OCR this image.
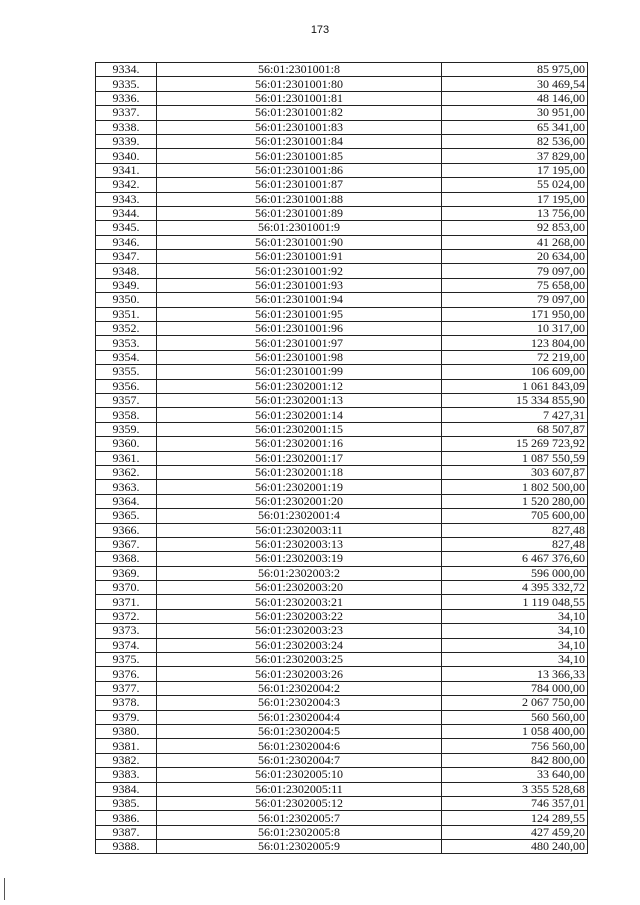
173
9334.	56:01:2301001:8	85 975,00
9335.	56:01:2301001:80	30 469,54
9336.	56:01:2301001:81	48 146,00
9337.	56:01:2301001:82	30 951,00
9338.	56:01:2301001:83	65 341,00
9339.	56:01:2301001:84	82 536,00
9340.	56:01:2301001:85	37 829,00
9341.	56:01:2301001:86	17 195,00
9342.	56:01:2301001:87	55 024,00
9343.	56:01:2301001:88	17 195,00
9344.	56:01:2301001:89	13 756,00
9345.	56:01:2301001:9	92 853,00
9346.	56:01:2301001:90	41 268,00
9347.	56:01:2301001:91	20 634,00
9348.	56:01:2301001:92	79 097,00
9349.	56:01:2301001:93	75 658,00
9350.	56:01:2301001:94	79 097,00
9351.	56:01:2301001:95	171 950,00
9352.	56:01:2301001:96	10 317,00
9353.	56:01:2301001:97	123 804,00
9354.	56:01:2301001:98	72 219,00
9355.	56:01:2301001:99	106 609,00
9356.	56:01:2302001:12	1 061 843,09
9357.	56:01:2302001:13	15 334 855,90
9358.	56:01:2302001:14	7 427,31
9359.	56:01:2302001:15	68 507,87
9360.	56:01:2302001:16	15 269 723,92
9361.	56:01:2302001:17	1 087 550,59
9362.	56:01:2302001:18	303 607,87
9363.	56:01:2302001:19	1 802 500,00
9364.	56:01:2302001:20	1 520 280,00
9365.	56:01:2302001:4	705 600,00
9366.	56:01:2302003:11	827,48
9367.	56:01:2302003:13	827,48
9368.	56:01:2302003:19	6 467 376,60
9369.	56:01:2302003:2	596 000,00
9370.	56:01:2302003:20	4 395 332,72
9371.	56:01:2302003:21	1 119 048,55
9372.	56:01:2302003:22	34,10
9373.	56:01:2302003:23	34,10
9374.	56:01:2302003:24	34,10
9375.	56:01:2302003:25	34,10
9376.	56:01:2302003:26	13 366,33
9377.	56:01:2302004:2	784 000,00
9378.	56:01:2302004:3	2 067 750,00
9379.	56:01:2302004:4	560 560,00
9380.	56:01:2302004:5	1 058 400,00
9381.	56:01:2302004:6	756 560,00
9382.	56:01:2302004:7	842 800,00
9383.	56:01:2302005:10	33 640,00
9384.	56:01:2302005:11	3 355 528,68
9385.	56:01:2302005:12	746 357,01
9386.	56:01:2302005:7	124 289,55
9387.	56:01:2302005:8	427 459,20
9388.	56:01:2302005:9	480 240,00
